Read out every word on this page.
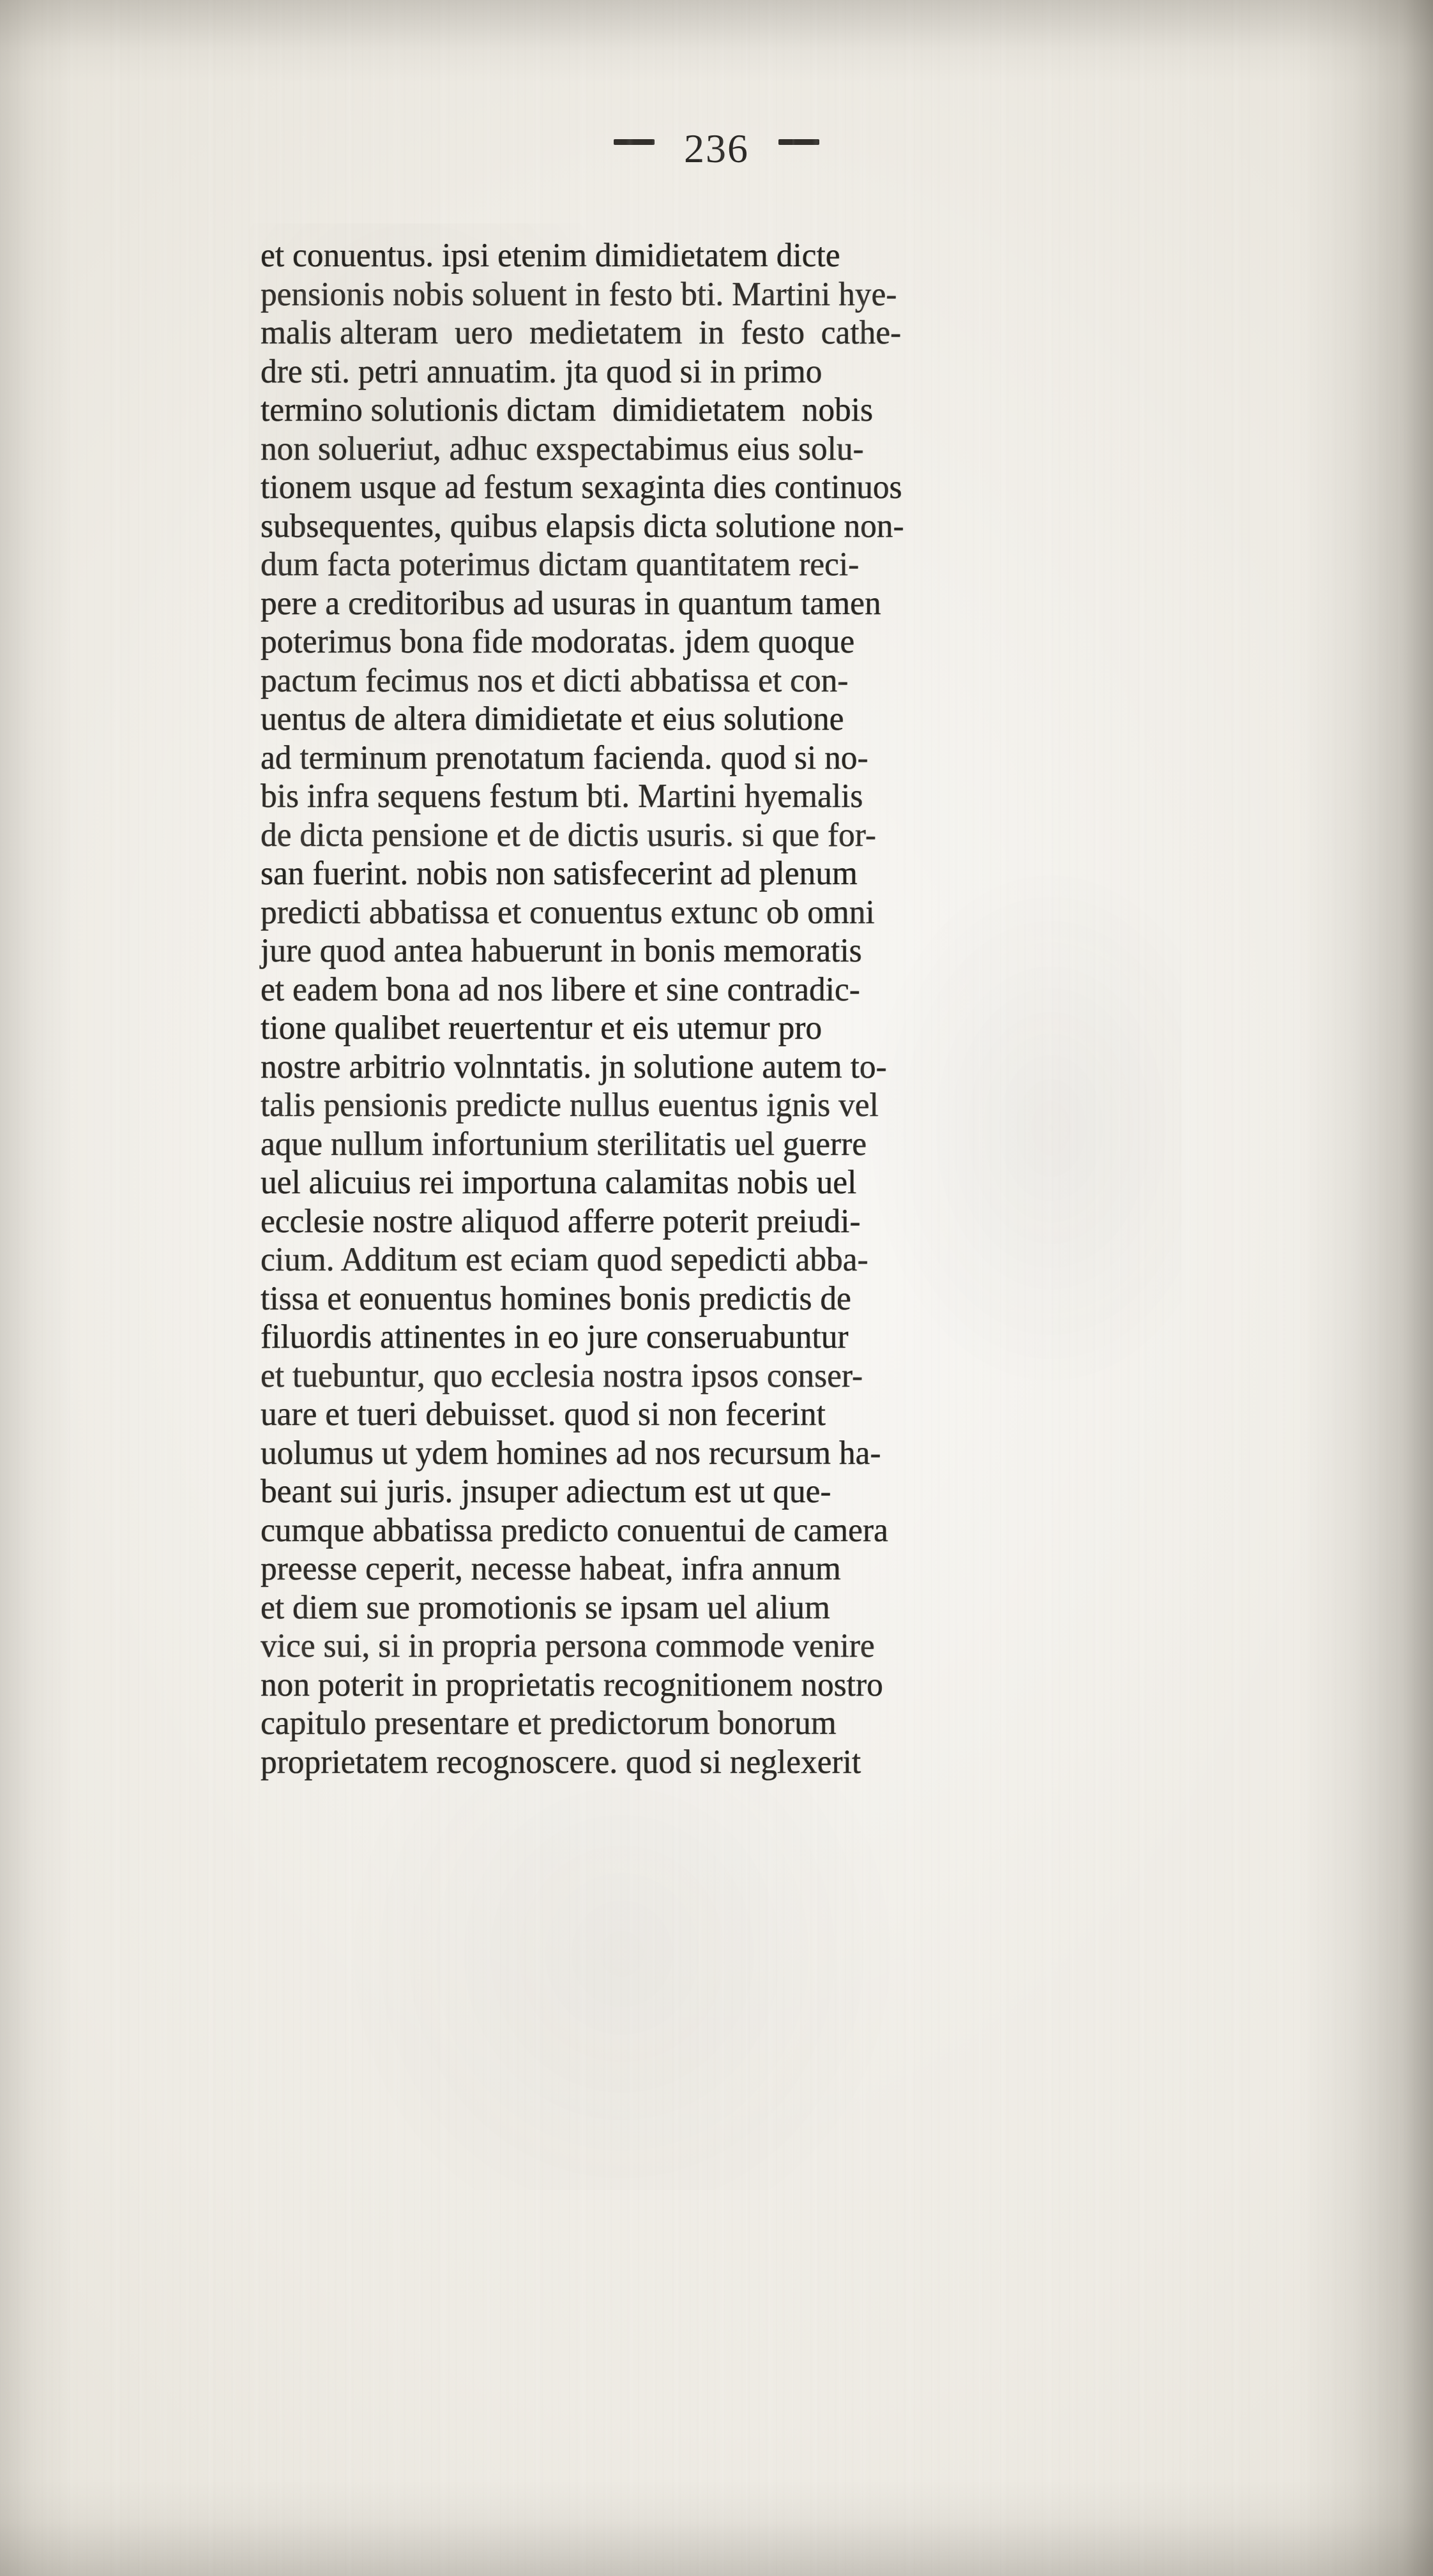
236
et conuentus. ipsi etenim dimidietatem dicte
pensionis nobis soluent in festo bti. Martini hye-
malis alteram  uero  medietatem  in  festo  cathe-
dre sti. petri annuatim. jta quod si in primo
termino solutionis dictam  dimidietatem  nobis
non solueriut, adhuc exspectabimus eius solu-
tionem usque ad festum sexaginta dies continuos
subsequentes, quibus elapsis dicta solutione non-
dum facta poterimus dictam quantitatem reci-
pere a creditoribus ad usuras in quantum tamen
poterimus bona fide modoratas. jdem quoque
pactum fecimus nos et dicti abbatissa et con-
uentus de altera dimidietate et eius solutione
ad terminum prenotatum facienda. quod si no-
bis infra sequens festum bti. Martini hyemalis
de dicta pensione et de dictis usuris. si que for-
san fuerint. nobis non satisfecerint ad plenum
predicti abbatissa et conuentus extunc ob omni
jure quod antea habuerunt in bonis memoratis
et eadem bona ad nos libere et sine contradic-
tione qualibet reuertentur et eis utemur pro
nostre arbitrio volnntatis. jn solutione autem to-
talis pensionis predicte nullus euentus ignis vel
aque nullum infortunium sterilitatis uel guerre
uel alicuius rei importuna calamitas nobis uel
ecclesie nostre aliquod afferre poterit preiudi-
cium. Additum est eciam quod sepedicti abba-
tissa et eonuentus homines bonis predictis de
filuordis attinentes in eo jure conseruabuntur
et tuebuntur, quo ecclesia nostra ipsos conser-
uare et tueri debuisset. quod si non fecerint
uolumus ut ydem homines ad nos recursum ha-
beant sui juris. jnsuper adiectum est ut que-
cumque abbatissa predicto conuentui de camera
preesse ceperit, necesse habeat, infra annum
et diem sue promotionis se ipsam uel alium
vice sui, si in propria persona commode venire
non poterit in proprietatis recognitionem nostro
capitulo presentare et predictorum bonorum
proprietatem recognoscere. quod si neglexerit
